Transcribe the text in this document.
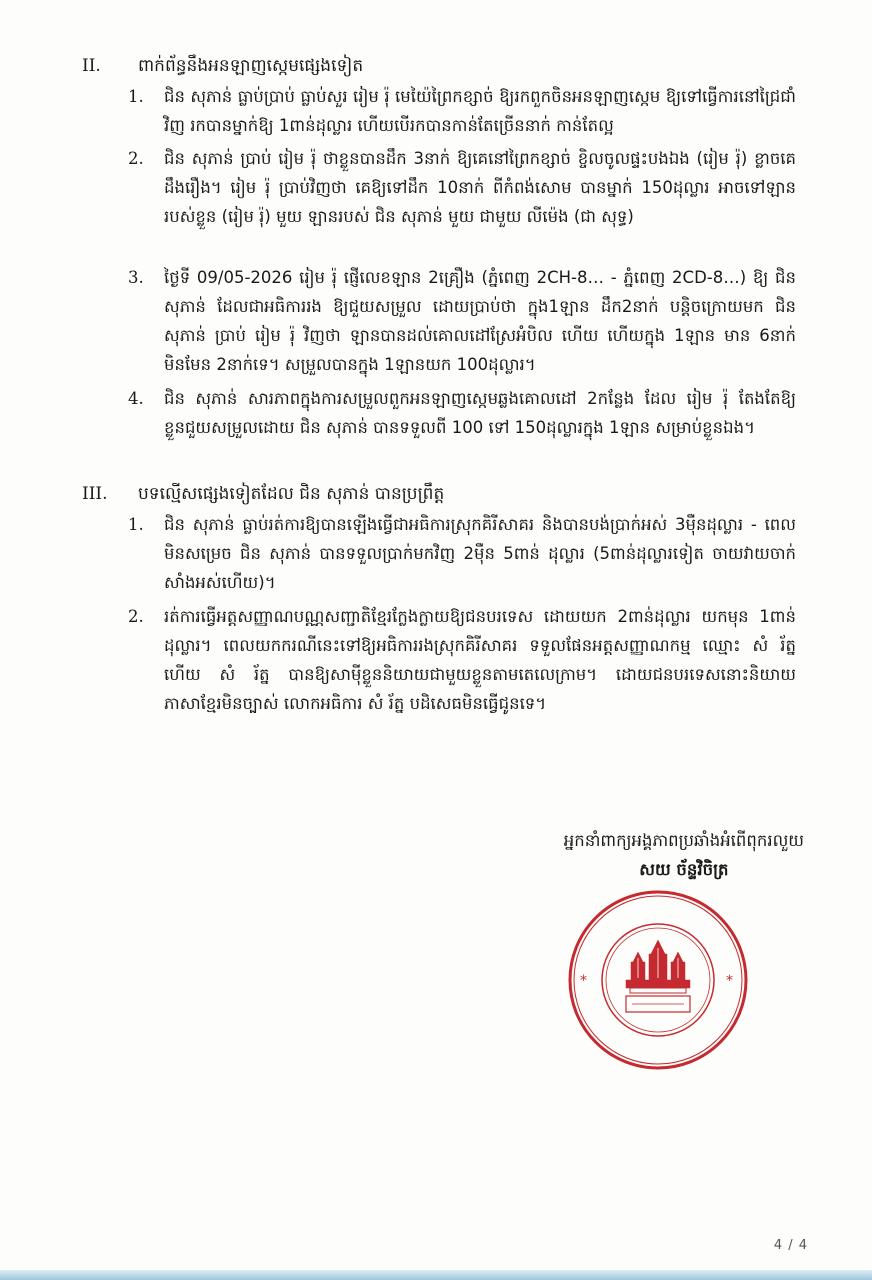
II. ពាក់ព័ន្ធនឹងអនឡាញស្កេមផ្សេងទៀត
1. ជិន សុភាន់ ធ្លាប់ប្រាប់ ធ្លាប់សួរ រៀម រ៉ុ មេយ៉ៃព្រៃកខ្សាច់ ឱ្យរកពួកចិនអនឡាញស្កេម ឱ្យទៅធ្វើការនៅជ្រៃជាំវិញ រកបានម្នាក់ឱ្យ 1ពាន់ដុល្លារ ហើយបើរកបានកាន់តែច្រើននាក់ កាន់តែល្អ
2. ជិន សុភាន់ ប្រាប់ រៀម រ៉ុ ថាខ្លួនបានដឹក 3នាក់ ឱ្យគេនៅព្រៃកខ្សាច់ ខ្ចិលចូលផ្ទះបងឯង (រៀម រ៉ុ) ខ្លាចគេដឹងរឿង។ រៀម រ៉ុ ប្រាប់វិញថា គេឱ្យទៅដឹក 10នាក់ ពីកំពង់សោម បានម្នាក់ 150ដុល្លារ អាចទៅឡានរបស់ខ្លួន (រៀម រ៉ុ) មួយ ឡានរបស់ ជិន សុភាន់ មួយ ជាមួយ លីម៉េង (ជា សុទ្ធ)
3. ថ្ងៃទី 09/05-2026 រៀម រ៉ុ ផ្ញើលេខឡាន 2គ្រឿង (ភ្នំពេញ 2CH-8… - ភ្នំពេញ 2CD-8…) ឱ្យ ជិន សុភាន់ ដែលជាអធិការរង ឱ្យជួយសម្រួល ដោយប្រាប់ថា ក្នុង1ឡាន ដឹក2នាក់ បន្តិចក្រោយមក ជិន សុភាន់ ប្រាប់ រៀម រ៉ុ វិញថា ឡានបានដល់គោលដៅស្រែអំបិល ហើយ ហើយក្នុង 1ឡាន មាន 6នាក់ មិនមែន 2នាក់ទេ។ សម្រួលបានក្នុង 1ឡានយក 100ដុល្លារ។
4. ជិន សុភាន់ សារភាពក្នុងការសម្រួលពួកអនឡាញស្កេមឆ្លងគោលដៅ 2កន្លែង ដែល រៀម រ៉ុ តែងតែឱ្យខ្លួនជួយសម្រួលដោយ ជិន សុភាន់ បានទទួលពី 100 ទៅ 150ដុល្លារក្នុង 1ឡាន សម្រាប់ខ្លួនឯង។
III. បទល្មើសផ្សេងទៀតដែល ជិន សុភាន់ បានប្រព្រឹត្ត
1. ជិន សុភាន់ ធ្លាប់រត់ការឱ្យបានឡើងធ្វើជាអធិការស្រុកគិរីសាគរ និងបានបង់ប្រាក់អស់ 3ម៉ឺនដុល្លារ - ពេលមិនសម្រេច ជិន សុភាន់ បានទទួលប្រាក់មកវិញ 2ម៉ឺន 5ពាន់ ដុល្លារ (5ពាន់ដុល្លារទៀត ចាយវាយចាក់សាំងអស់ហើយ)។
2. រត់ការធ្វើអត្តសញ្ញាណបណ្ណសញ្ជាតិខ្មែរក្លែងក្លាយឱ្យជនបរទេស ដោយយក 2ពាន់ដុល្លារ យកមុន 1ពាន់ដុល្លារ។ ពេលយកករណីនេះទៅឱ្យអធិការរងស្រុកគិរីសាគរ ទទួលផែនអត្តសញ្ញាណកម្ម ឈ្មោះ សំ រ័ត្ន ហើយ សំ រ័ត្ន បានឱ្យសាម៉ីខ្លួននិយាយជាមួយខ្លួនតាមតេលេក្រាម។ ដោយជនបរទេសនោះនិយាយភាសាខ្មែរមិនច្បាស់ លោកអធិការ សំ រ័ត្ន បដិសេធមិនធ្វើជូនទេ។
អ្នកនាំពាក្យអង្គភាពប្រឆាំងអំពើពុករលួយ
សយ ច័ន្ទវិចិត្រ
*	*
4 / 4
